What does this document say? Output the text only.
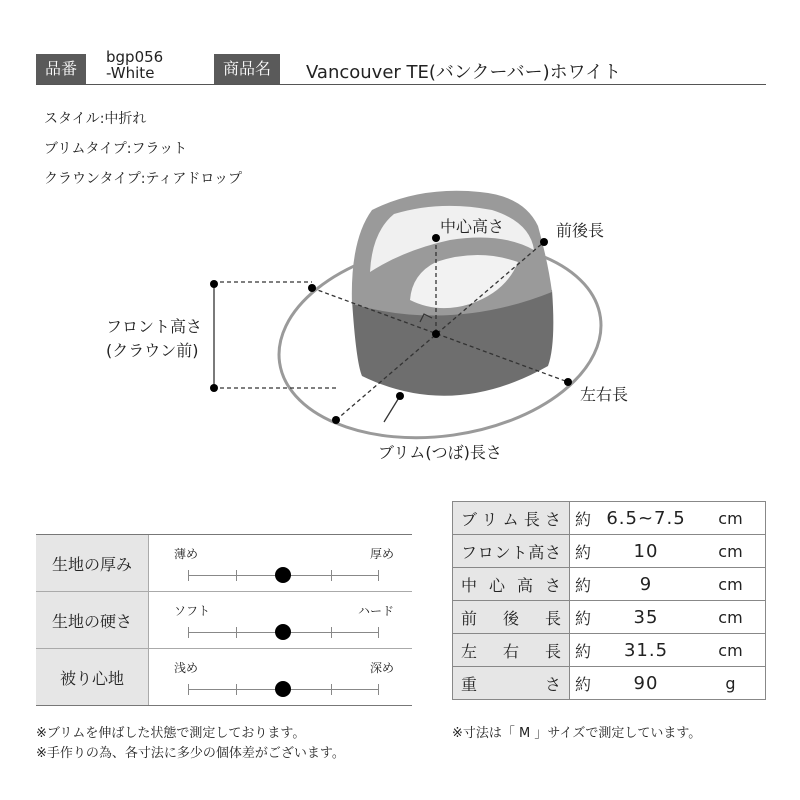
品番
bgp056
-White	商品名	Vancouver TE(バンクーバー)ホワイト
スタイル:中折れ
ブリムタイプ:フラット
クラウンタイプ:ティアドロップ
中心高さ	前後長
フロント高さ
(クラウン前)
左右長
ブリム(つば)長さ
生地の厚み
薄め	厚め
生地の硬さ
ソフト	ハード
被り心地
浅め	深め
ブリム長さ	約	6.5~7.5	cm

フロント高さ	約	10	cm

中心高さ	約	9	cm

前後長	約	35	cm

左右長	約	31.5	cm

重さ	約	90	g
※ブリムを伸ばした状態で測定しております。
※手作りの為、各寸法に多少の個体差がございます。
※寸法は「 M 」サイズで測定しています。
